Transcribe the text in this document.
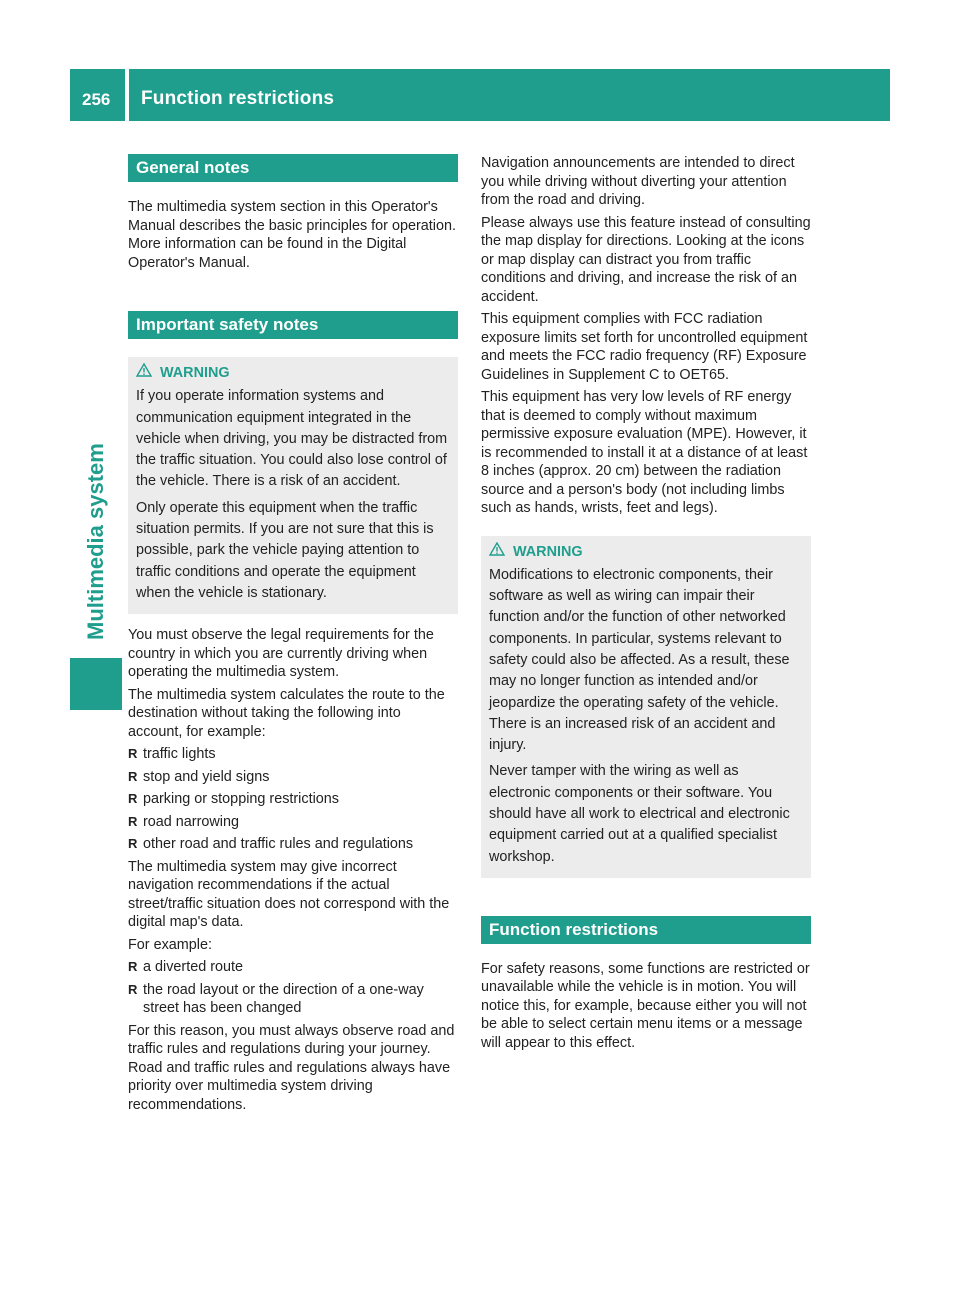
256 Function restrictions
Multimedia system
General notes

The multimedia system section in this Operator's Manual describes the basic principles for operation. More information can be found in the Digital Operator's Manual.

Important safety notes
WARNING

If you operate information systems and communication equipment integrated in the vehicle when driving, you may be distracted from the traffic situation. You could also lose control of the vehicle. There is a risk of an accident.

Only operate this equipment when the traffic situation permits. If you are not sure that this is possible, park the vehicle paying attention to traffic conditions and operate the equipment when the vehicle is stationary.

You must observe the legal requirements for the country in which you are currently driving when operating the multimedia system.

The multimedia system calculates the route to the destination without taking the following into account, for example:

R traffic lights
R stop and yield signs
R parking or stopping restrictions
R road narrowing
R other road and traffic rules and regulations

The multimedia system may give incorrect navigation recommendations if the actual street/traffic situation does not correspond with the digital map's data.

For example:

R a diverted route
R the road layout or the direction of a one-way street has been changed

For this reason, you must always observe road and traffic rules and regulations during your journey. Road and traffic rules and regulations always have priority over multimedia system driving recommendations.

Navigation announcements are intended to direct you while driving without diverting your attention from the road and driving.

Please always use this feature instead of consulting the map display for directions. Looking at the icons or map display can distract you from traffic conditions and driving, and increase the risk of an accident.

This equipment complies with FCC radiation exposure limits set forth for uncontrolled equipment and meets the FCC radio frequency (RF) Exposure Guidelines in Supplement C to OET65.

This equipment has very low levels of RF energy that is deemed to comply without maximum permissive exposure evaluation (MPE). However, it is recommended to install it at a distance of at least 8 inches (approx. 20 cm) between the radiation source and a person's body (not including limbs such as hands, wrists, feet and legs).

WARNING

Modifications to electronic components, their software as well as wiring can impair their function and/or the function of other networked components. In particular, systems relevant to safety could also be affected. As a result, these may no longer function as intended and/or jeopardize the operating safety of the vehicle. There is an increased risk of an accident and injury.

Never tamper with the wiring as well as electronic components or their software. You should have all work to electrical and electronic equipment carried out at a qualified specialist workshop.

Function restrictions

For safety reasons, some functions are restricted or unavailable while the vehicle is in motion. You will notice this, for example, because either you will not be able to select certain menu items or a message will appear to this effect.
